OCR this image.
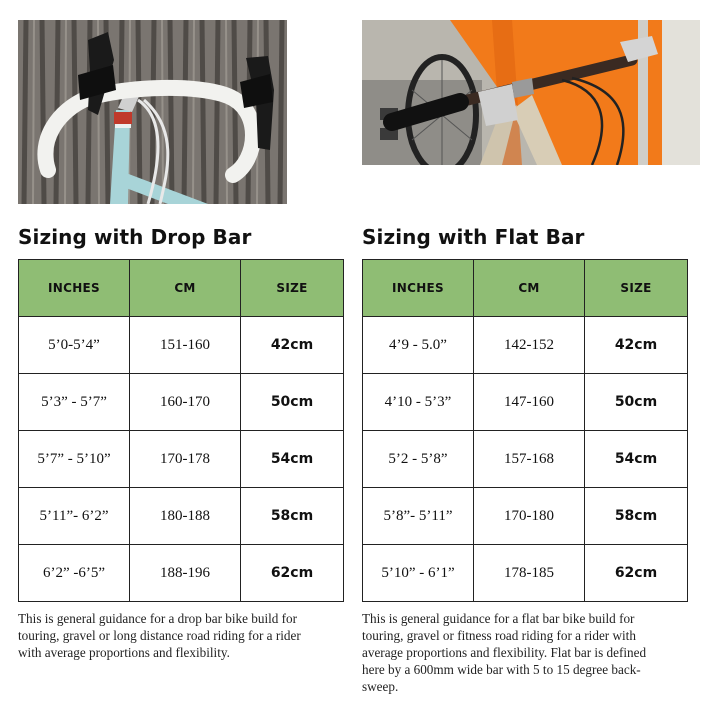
Sizing with Drop Bar	Sizing with Flat Bar
INCHES	CM	SIZE
5’0-5’4”	151-160	42cm
5’3” - 5’7”	160-170	50cm
5’7” - 5’10”	170-178	54cm
5’11”- 6’2”	180-188	58cm
6’2” -6’5”	188-196	62cm
INCHES	CM	SIZE
4’9 - 5.0”	142-152	42cm
4’10 - 5’3”	147-160	50cm
5’2 - 5’8”	157-168	54cm
5’8”- 5’11”	170-180	58cm
5’10” - 6’1”	178-185	62cm
This is general guidance for a drop bar bike build for touring, gravel or long distance road riding for a rider with average proportions and flexibility.
This is general guidance for a flat bar bike build for touring, gravel or fitness road riding for a rider with average proportions and flexibility. Flat bar is defined here by a 600mm wide bar with 5 to 15 degree back-sweep.
